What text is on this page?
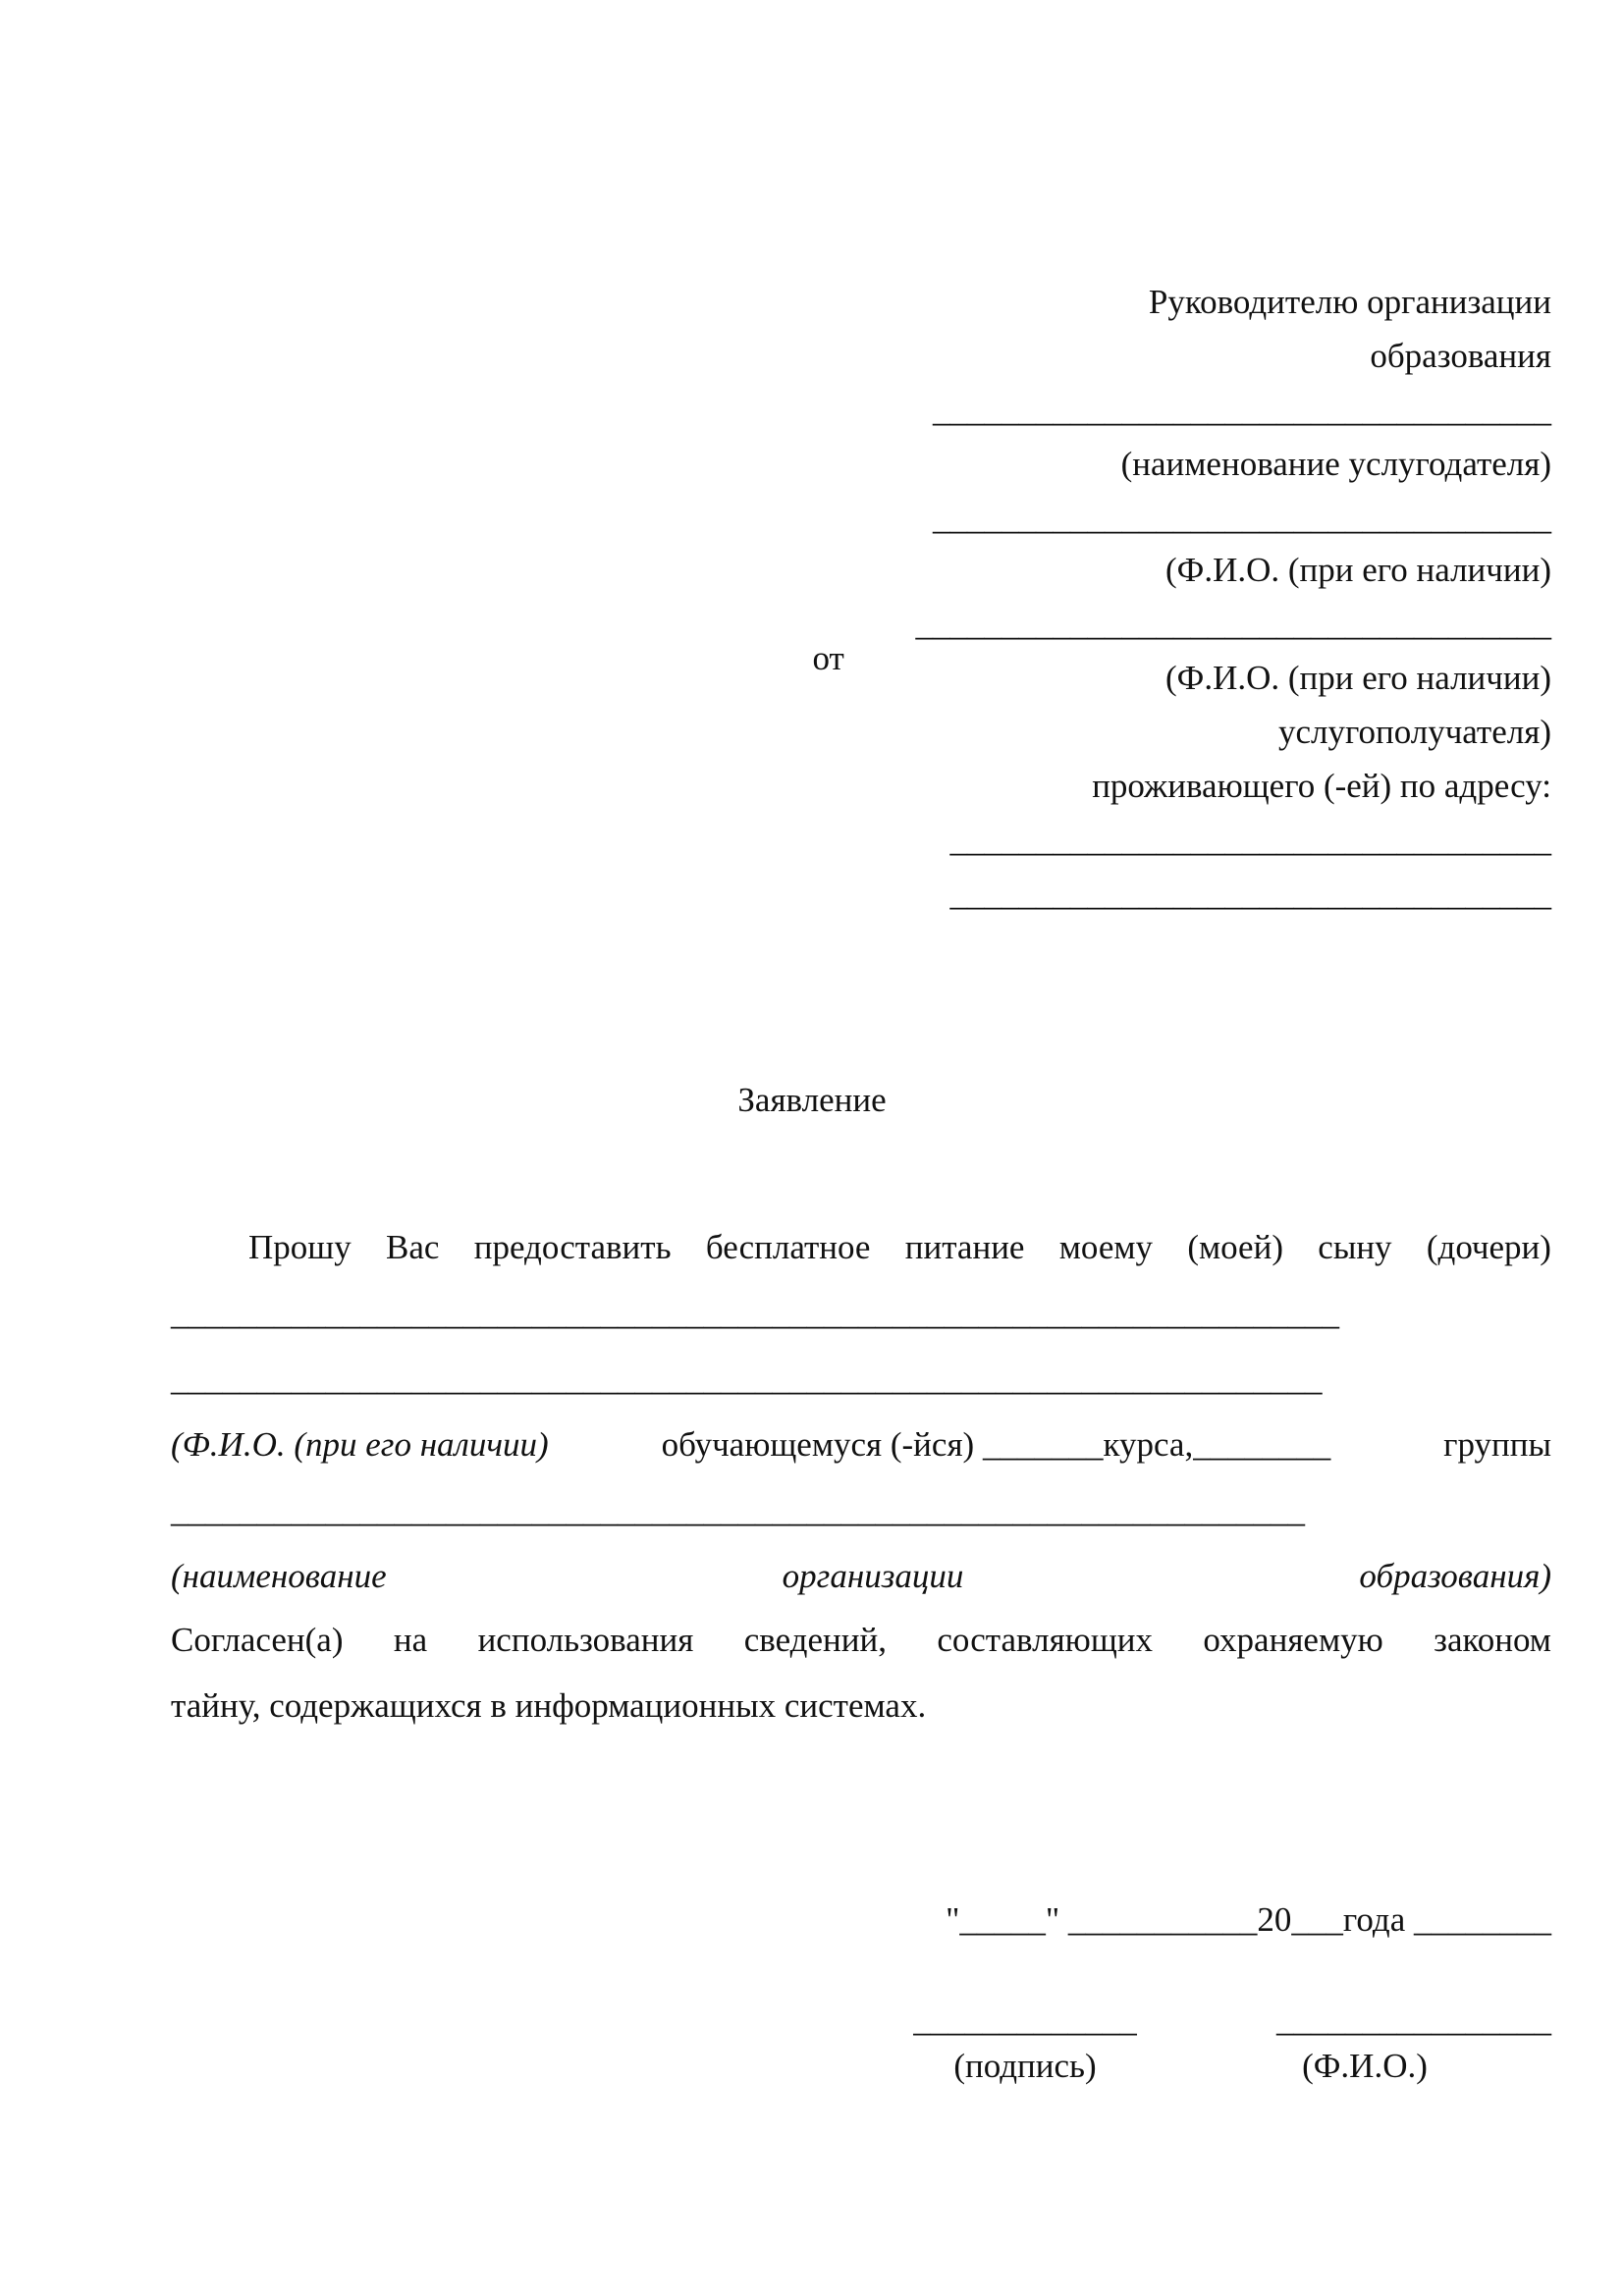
Руководителю организации
образования
____________________________________
(наименование услугодателя)
____________________________________
(Ф.И.О. (при его наличии)

от

_____________________________________

(Ф.И.О. (при его наличии)
услугополучателя)
проживающего (-ей) по адресу:
___________________________________
___________________________________
Заявление
Прошу Вас предоставить бесплатное питание моему (моей) сыну (дочери)
____________________________________________________________________
___________________________________________________________________
(Ф.И.О. (при его наличии)	обучающемуся (-йся) _______курса,________	группы
__________________________________________________________________
(наименование	организации	образования)
Согласен(а) на использования сведений, составляющих охраняемую законом
тайну, содержащихся в информационных системах.
"_____" ___________20___года ________
_____________
(подпись)
________________
(Ф.И.О.)
